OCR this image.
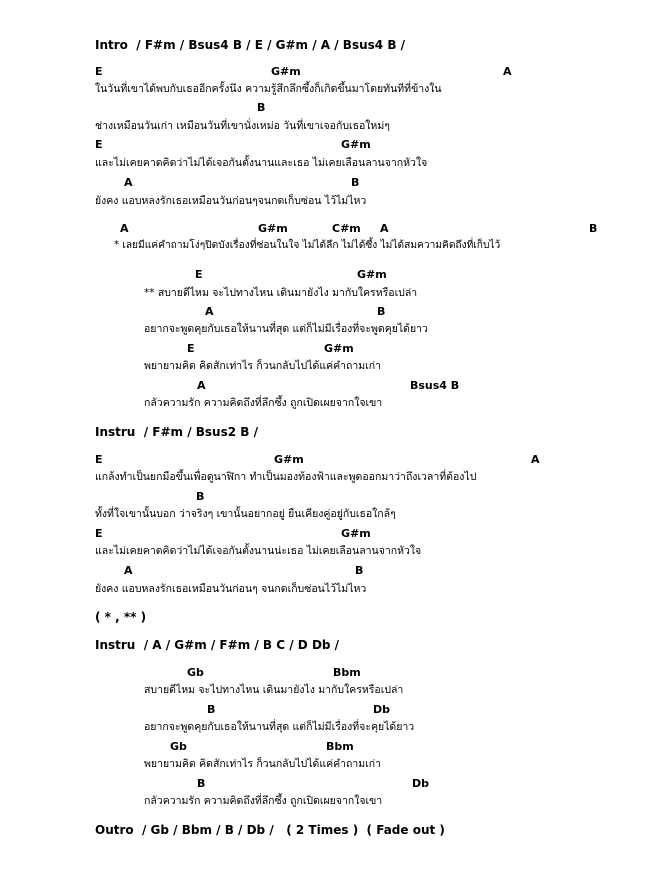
Intro  / F#m / Bsus4 B / E / G#m / A / Bsus4 B /
E	G#m	A
ในวันที่เขาได้พบกับเธออีกครั้งนึง ความรู้สึกลึกซึ้งก็เกิดขึ้นมาโดยทันทีที่ข้างใน
B
ช่างเหมือนวันเก่า เหมือนวันที่เขานั่งเหม่อ วันที่เขาเจอกับเธอใหม่ๆ
E	G#m
และไม่เคยคาดคิดว่าไม่ได้เจอกันตั้งนานและเธอ ไม่เคยเลือนลานจากหัวใจ
A	B
ยังคง แอบหลงรักเธอเหมือนวันก่อนๆจนกดเก็บซ่อน ไว้ไม่ไหว
A	G#m	C#m A	B
* เลยมีแค่คำถามโง่ๆปิดบังเรื่องที่ซ่อนในใจ ไม่ได้ลึก ไม่ได้ซึ้ง ไม่ได้สมความคิดถึงที่เก็บไว้
E	G#m
** สบายดีไหม จะไปทางไหน เดินมายังไง มากับใครหรือเปล่า
A	B
อยากจะพูดคุยกับเธอให้นานที่สุด แต่ก็ไม่มีเรื่องที่จะพูดคุยได้ยาว
E	G#m
พยายามคิด คิดสักเท่าไร ก็วนกลับไปได้แค่คำถามเก่า
A	Bsus4 B
กลัวความรัก ความคิดถึงที่ลึกซึ้ง ถูกเปิดเผยจากใจเขา
Instru  / F#m / Bsus2 B /
E	G#m	A
แกล้งทำเป็นยกมือขึ้นเพื่อดูนาฬิกา ทำเป็นมองท้องฟ้าและพูดออกมาว่าถึงเวลาที่ต้องไป
B
ทั้งที่ใจเขานั้นบอก ว่าจริงๆ เขานั้นอยากอยู่ ยืนเคียงคู่อยู่กับเธอใกล้ๆ
E	G#m
และไม่เคยคาดคิดว่าไม่ได้เจอกันตั้งนานน่ะเธอ ไม่เคยเลือนลานจากหัวใจ
A	B
ยังคง แอบหลงรักเธอเหมือนวันก่อนๆ จนกดเก็บซ่อนไว้ไม่ไหว
( * , ** )
Instru  / A / G#m / F#m / B C / D Db /
Gb	Bbm
สบายดีไหม จะไปทางไหน เดินมายังไง มากับใครหรือเปล่า
B	Db
อยากจะพูดคุยกับเธอให้นานที่สุด แต่ก็ไม่มีเรื่องที่จะคุยได้ยาว
Gb	Bbm
พยายามคิด คิดสักเท่าไร ก็วนกลับไปได้แค่คำถามเก่า
B	Db
กลัวความรัก ความคิดถึงที่ลึกซึ้ง ถูกเปิดเผยจากใจเขา
Outro  / Gb / Bbm / B / Db /   ( 2 Times )  ( Fade out )
